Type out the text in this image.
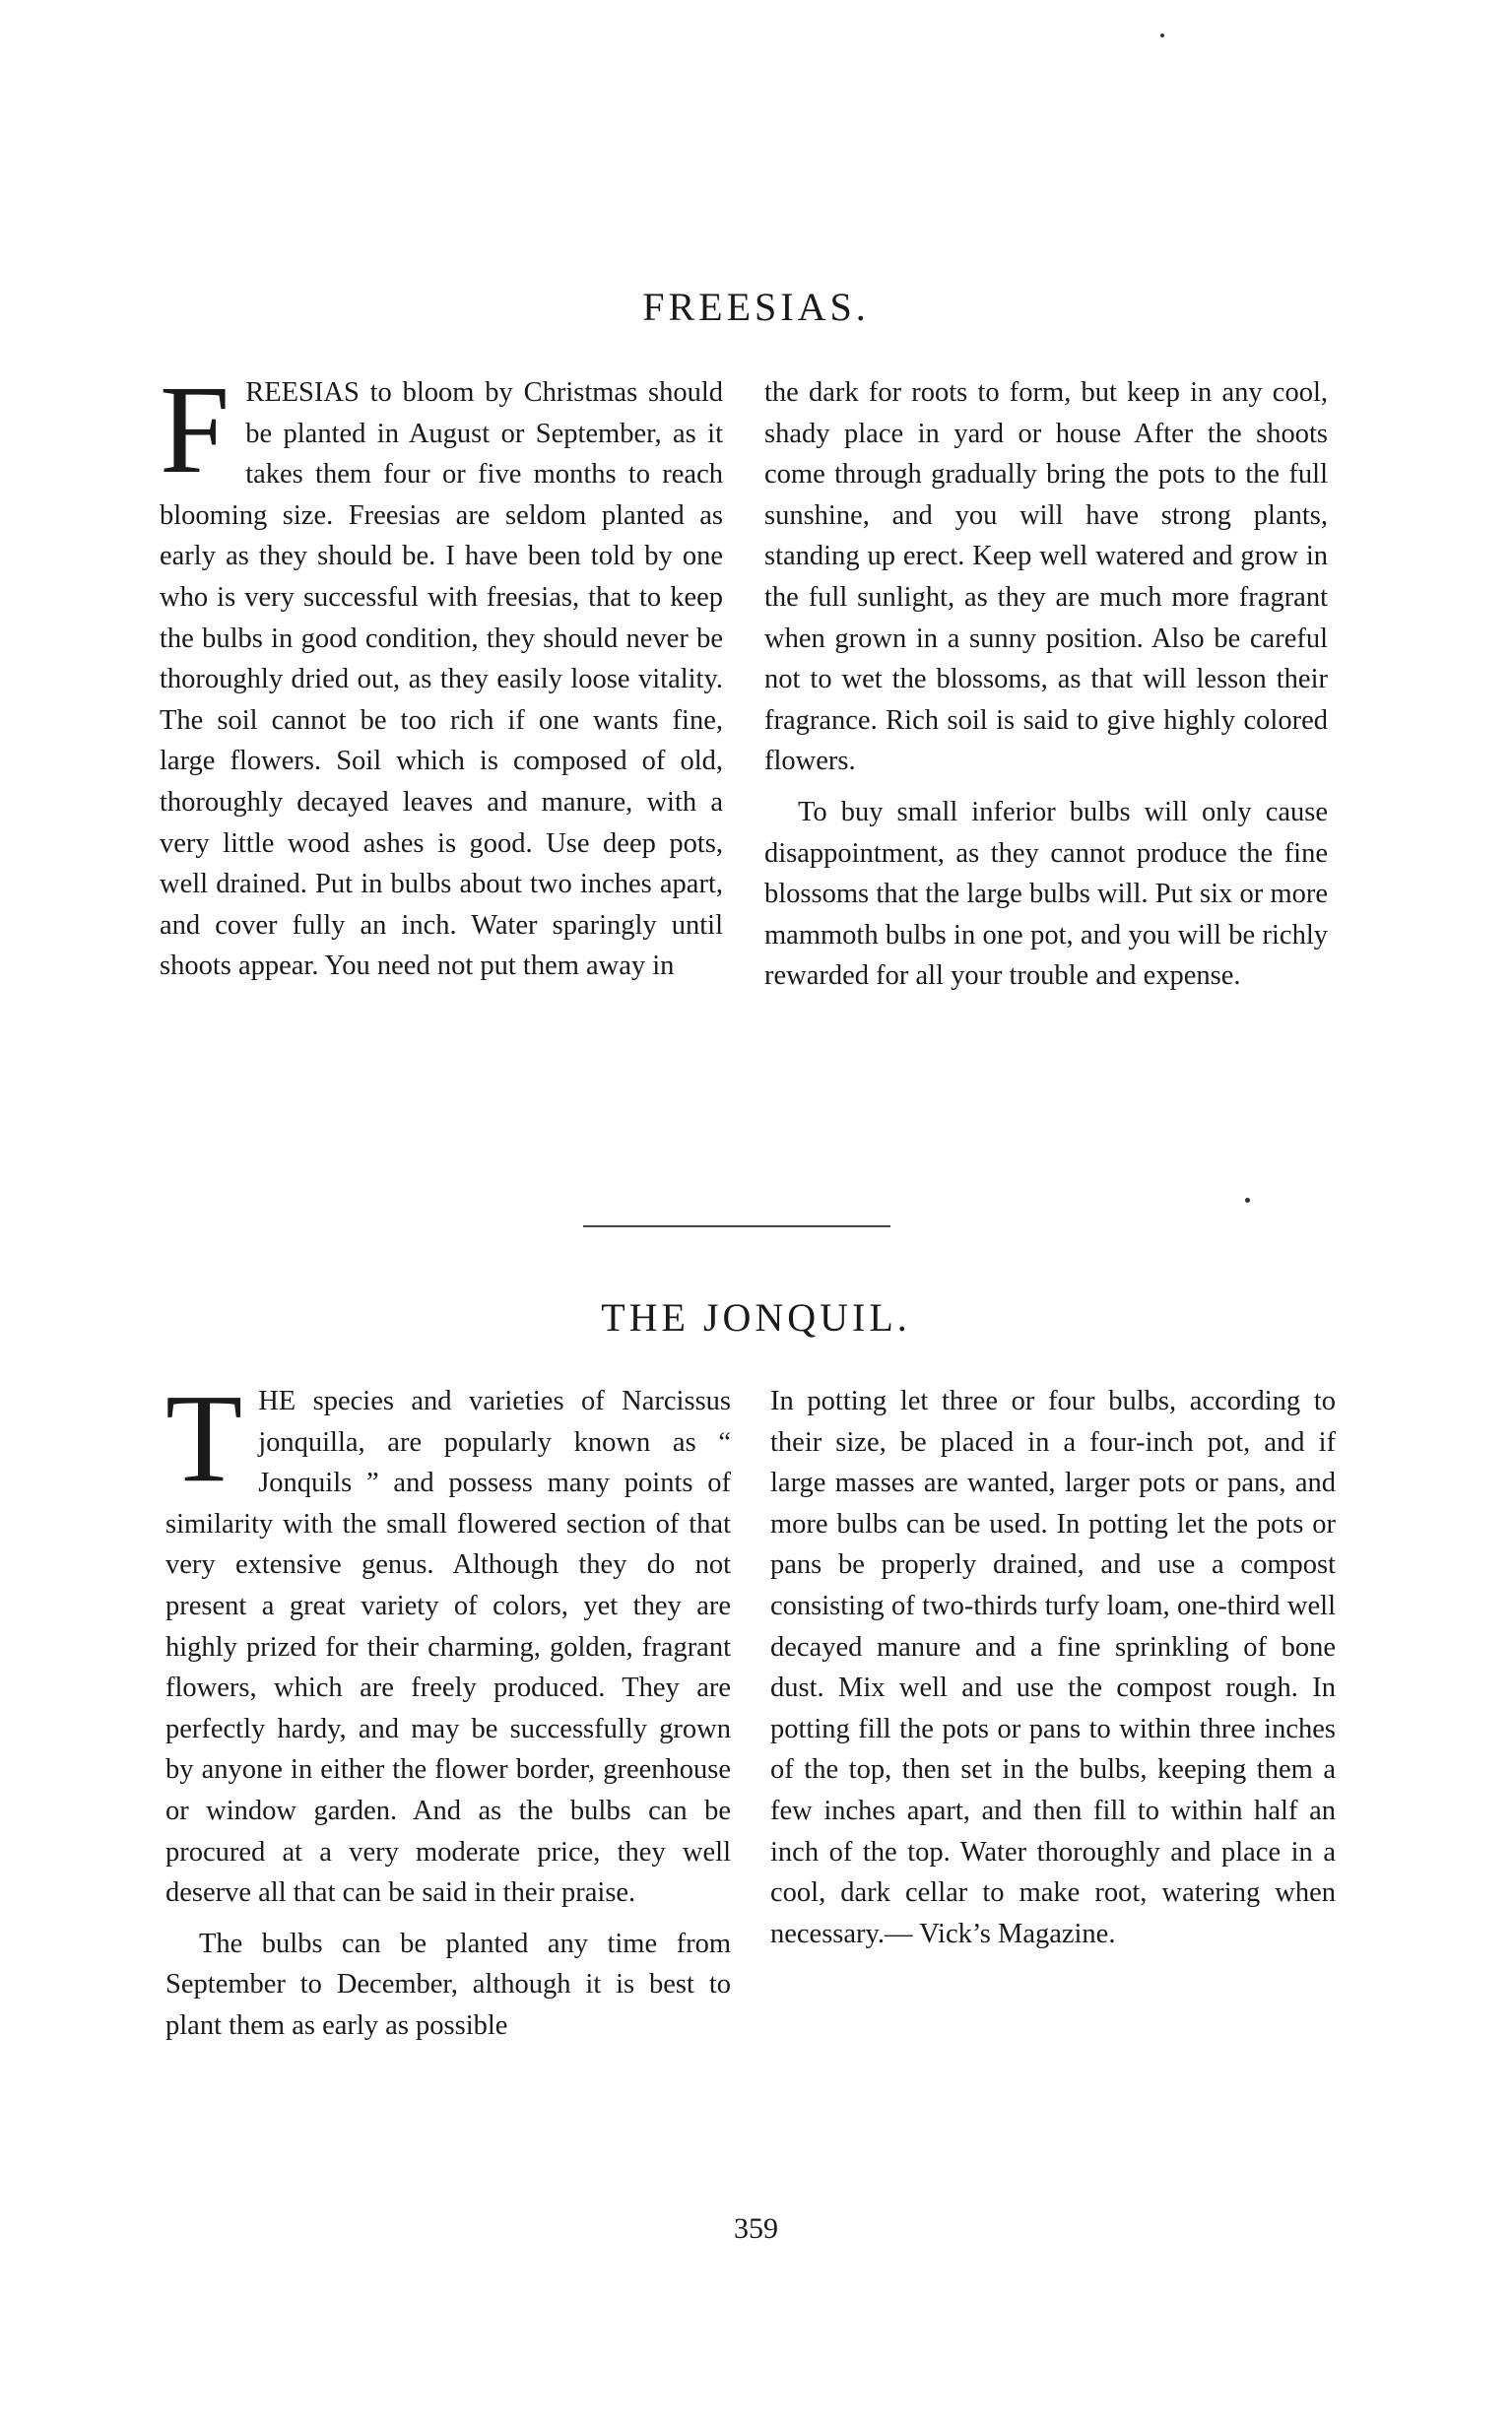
FREESIAS.
F REESIAS to bloom by Christmas should be planted in August or September, as it takes them four or five months to reach blooming size. Freesias are seldom planted as early as they should be. I have been told by one who is very successful with freesias, that to keep the bulbs in good condition, they should never be thoroughly dried out, as they easily loose vitality. The soil cannot be too rich if one wants fine, large flowers. Soil which is composed of old, thoroughly decayed leaves and manure, with a very little wood ashes is good. Use deep pots, well drained. Put in bulbs about two inches apart, and cover fully an inch. Water sparingly until shoots appear. You need not put them away in

the dark for roots to form, but keep in any cool, shady place in yard or house After the shoots come through gradually bring the pots to the full sunshine, and you will have strong plants, standing up erect. Keep well watered and grow in the full sunlight, as they are much more fragrant when grown in a sunny position. Also be careful not to wet the blossoms, as that will lesson their fragrance. Rich soil is said to give highly colored flowers.

To buy small inferior bulbs will only cause disappointment, as they cannot produce the fine blossoms that the large bulbs will. Put six or more mammoth bulbs in one pot, and you will be richly rewarded for all your trouble and expense.

THE JONQUIL.
T HE species and varieties of Narcissus jonquilla, are popularly known as “ Jonquils ” and possess many points of similarity with the small flowered section of that very extensive genus. Although they do not present a great variety of colors, yet they are highly prized for their charming, golden, fragrant flowers, which are freely produced. They are perfectly hardy, and may be successfully grown by anyone in either the flower border, greenhouse or window garden. And as the bulbs can be procured at a very moderate price, they well deserve all that can be said in their praise.

The bulbs can be planted any time from September to December, although it is best to plant them as early as possible

In potting let three or four bulbs, according to their size, be placed in a four-inch pot, and if large masses are wanted, larger pots or pans, and more bulbs can be used. In potting let the pots or pans be properly drained, and use a compost consisting of two-thirds turfy loam, one-third well decayed manure and a fine sprinkling of bone dust. Mix well and use the compost rough. In potting fill the pots or pans to within three inches of the top, then set in the bulbs, keeping them a few inches apart, and then fill to within half an inch of the top. Water thoroughly and place in a cool, dark cellar to make root, watering when necessary.— Vick’s Magazine.

359
